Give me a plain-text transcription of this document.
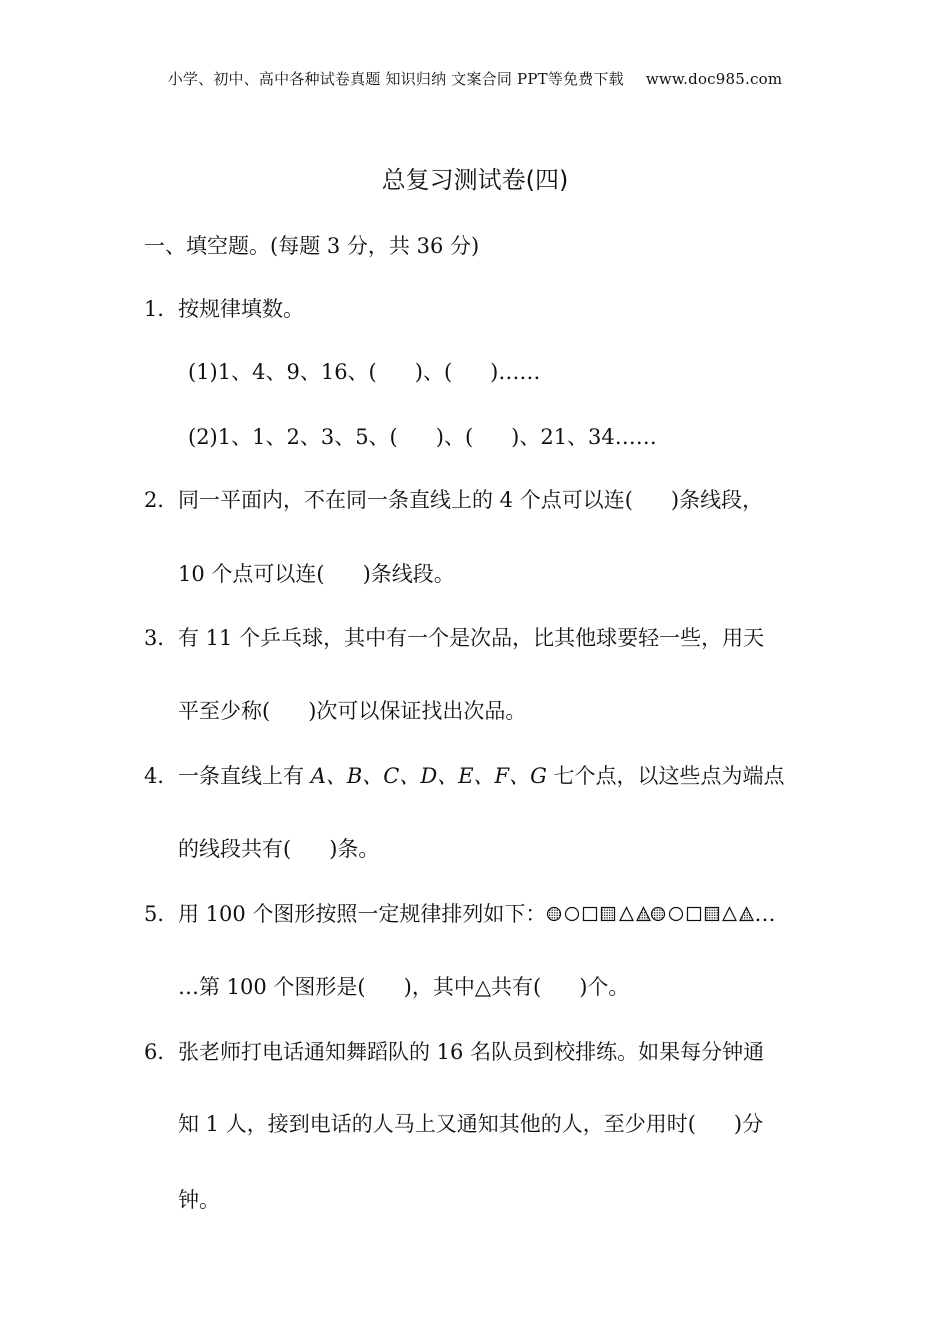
小学、初中、高中各种试卷真题 知识归纳 文案合同 PPT等免费下载 www.doc985.com
总复习测试卷(四)
一、填空题。(每题 3 分，共 36 分)
1．按规律填数。
(1)1、4、9、16、( )、( )……
(2)1、1、2、3、5、( )、( )、21、34……
2．同一平面内，不在同一条直线上的 4 个点可以连( )条线段，
10 个点可以连( )条线段。
3．有 11 个乒乓球，其中有一个是次品，比其他球要轻一些，用天
平至少称( )次可以保证找出次品。
4．一条直线上有 A、B、C、D、E、F、G 七个点，以这些点为端点
的线段共有( )条。
5．用 100 个图形按照一定规律排列如下：	…
…第 100 个图形是( )，其中△共有( )个。
6．张老师打电话通知舞蹈队的 16 名队员到校排练。如果每分钟通
知 1 人，接到电话的人马上又通知其他的人，至少用时( )分
钟。
